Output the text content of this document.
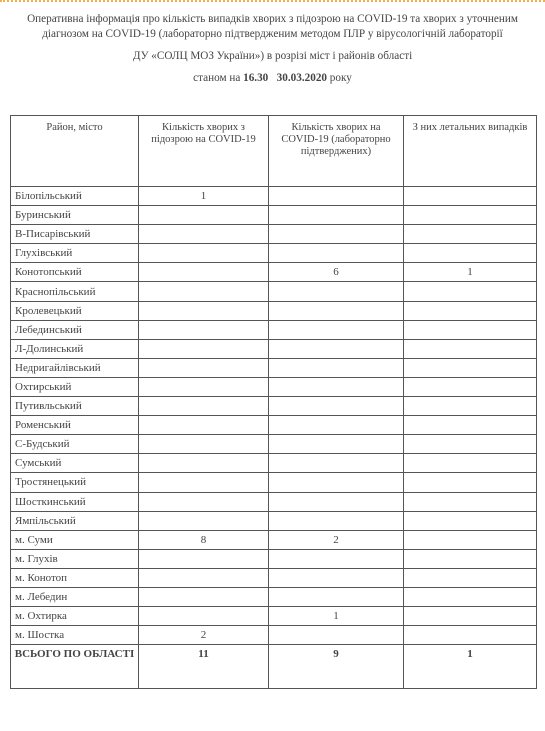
Оперативна інформація про кількість випадків хворих з підозрою на COVID-19 та хворих з уточненим діагнозом на COVID-19 (лабораторно підтвердженим методом ПЛР у вірусологічній лабораторії
ДУ «СОЛЦ МОЗ України») в розрізі міст і районів області
станом на 16.30 30.03.2020 року
Район, місто	Кількість хворих з підозрою на COVID-19	Кількість хворих на COVID-19 (лабораторно підтверджених)	З них летальних випадків
Білопільський	1		
Буринський			
В-Писарівський			
Глухівський			
Конотопський		6	1
Краснопільський			
Кролевецький			
Лебединський			
Л-Долинський			
Недригайлівський			
Охтирський			
Путивльський			
Роменський			
С-Будський			
Сумський			
Тростянецький			
Шосткинський			
Ямпільський			
м. Суми	8	2	
м. Глухів			
м. Конотоп			
м. Лебедин			
м. Охтирка		1	
м. Шостка	2		
ВСЬОГО ПО ОБЛАСТІ	11	9	1
